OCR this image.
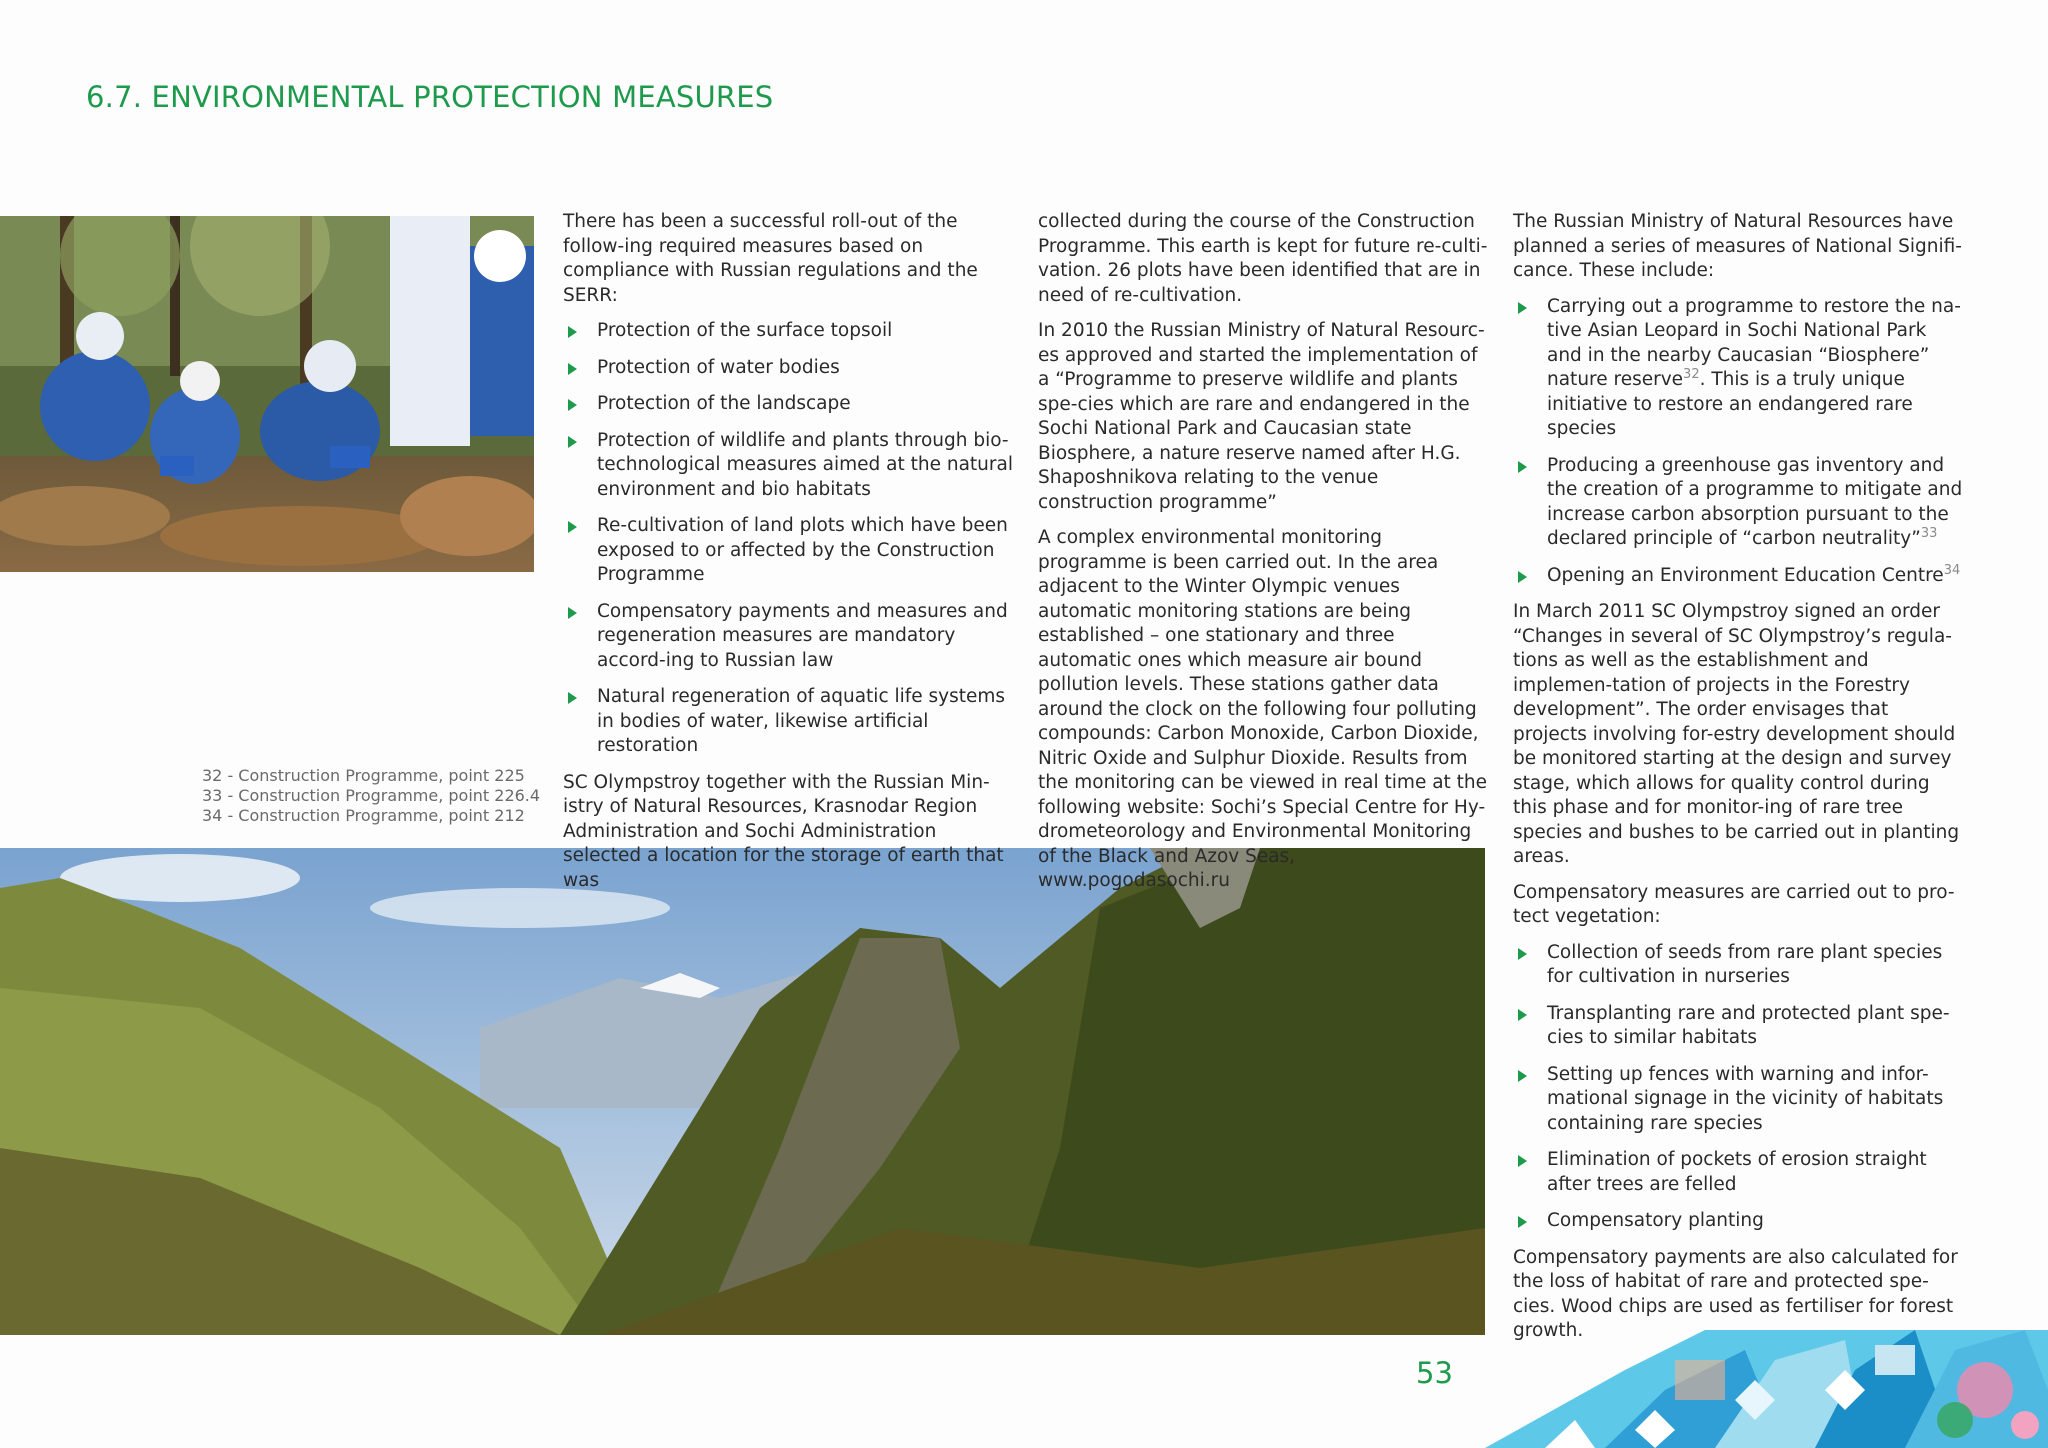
6.7. ENVIRONMENTAL PROTECTION MEASURES
32 - Construction Programme, point 225
33 - Construction Programme, point 226.4
34 - Construction Programme, point 212

There has been a successful roll-out of the follow-ing required measures based on compliance with Russian regulations and the SERR:

Protection of the surface topsoil
Protection of water bodies
Protection of the landscape
Protection of wildlife and plants through bio-technological measures aimed at the natural environment and bio habitats
Re-cultivation of land plots which have been exposed to or affected by the Construction Programme
Compensatory payments and measures and regeneration measures are mandatory accord-ing to Russian law
Natural regeneration of aquatic life systems in bodies of water, likewise artificial restoration

SC Olympstroy together with the Russian Min-istry of Natural Resources, Krasnodar Region Administration and Sochi Administration selected a location for the storage of earth that was

collected during the course of the Construction Programme. This earth is kept for future re-culti-vation. 26 plots have been identified that are in need of re-cultivation.

In 2010 the Russian Ministry of Natural Resourc-es approved and started the implementation of a “Programme to preserve wildlife and plants spe-cies which are rare and endangered in the Sochi National Park and Caucasian state Biosphere, a nature reserve named after H.G. Shaposhnikova relating to the venue construction programme”

A complex environmental monitoring programme is been carried out. In the area adjacent to the Winter Olympic venues automatic monitoring stations are being established – one stationary and three automatic ones which measure air bound pollution levels. These stations gather data around the clock on the following four polluting compounds: Carbon Monoxide, Carbon Dioxide, Nitric Oxide and Sulphur Dioxide. Results from the monitoring can be viewed in real time at the following website: Sochi’s Special Centre for Hy-drometeorology and Environmental Monitoring of the Black and Azov Seas, www.pogodasochi.ru

The Russian Ministry of Natural Resources have planned a series of measures of National Signifi-cance. These include:

Carrying out a programme to restore the na-tive Asian Leopard in Sochi National Park and in the nearby Caucasian “Biosphere” nature reserve$^{32}$. This is a truly unique initiative to restore an endangered rare species
Producing a greenhouse gas inventory and the creation of a programme to mitigate and increase carbon absorption pursuant to the declared principle of “carbon neutrality”$^{33}$
Opening an Environment Education Centre$^{34}$

In March 2011 SC Olympstroy signed an order “Changes in several of SC Olympstroy’s regula-tions as well as the establishment and implemen-tation of projects in the Forestry development”. The order envisages that projects involving for-estry development should be monitored starting at the design and survey stage, which allows for quality control during this phase and for monitor-ing of rare tree species and bushes to be carried out in planting areas.

Compensatory measures are carried out to pro-tect vegetation:

Collection of seeds from rare plant species for cultivation in nurseries
Transplanting rare and protected plant spe-cies to similar habitats
Setting up fences with warning and infor-mational signage in the vicinity of habitats containing rare species
Elimination of pockets of erosion straight after trees are felled
Compensatory planting

Compensatory payments are also calculated for the loss of habitat of rare and protected spe-cies. Wood chips are used as fertiliser for forest growth.

53
